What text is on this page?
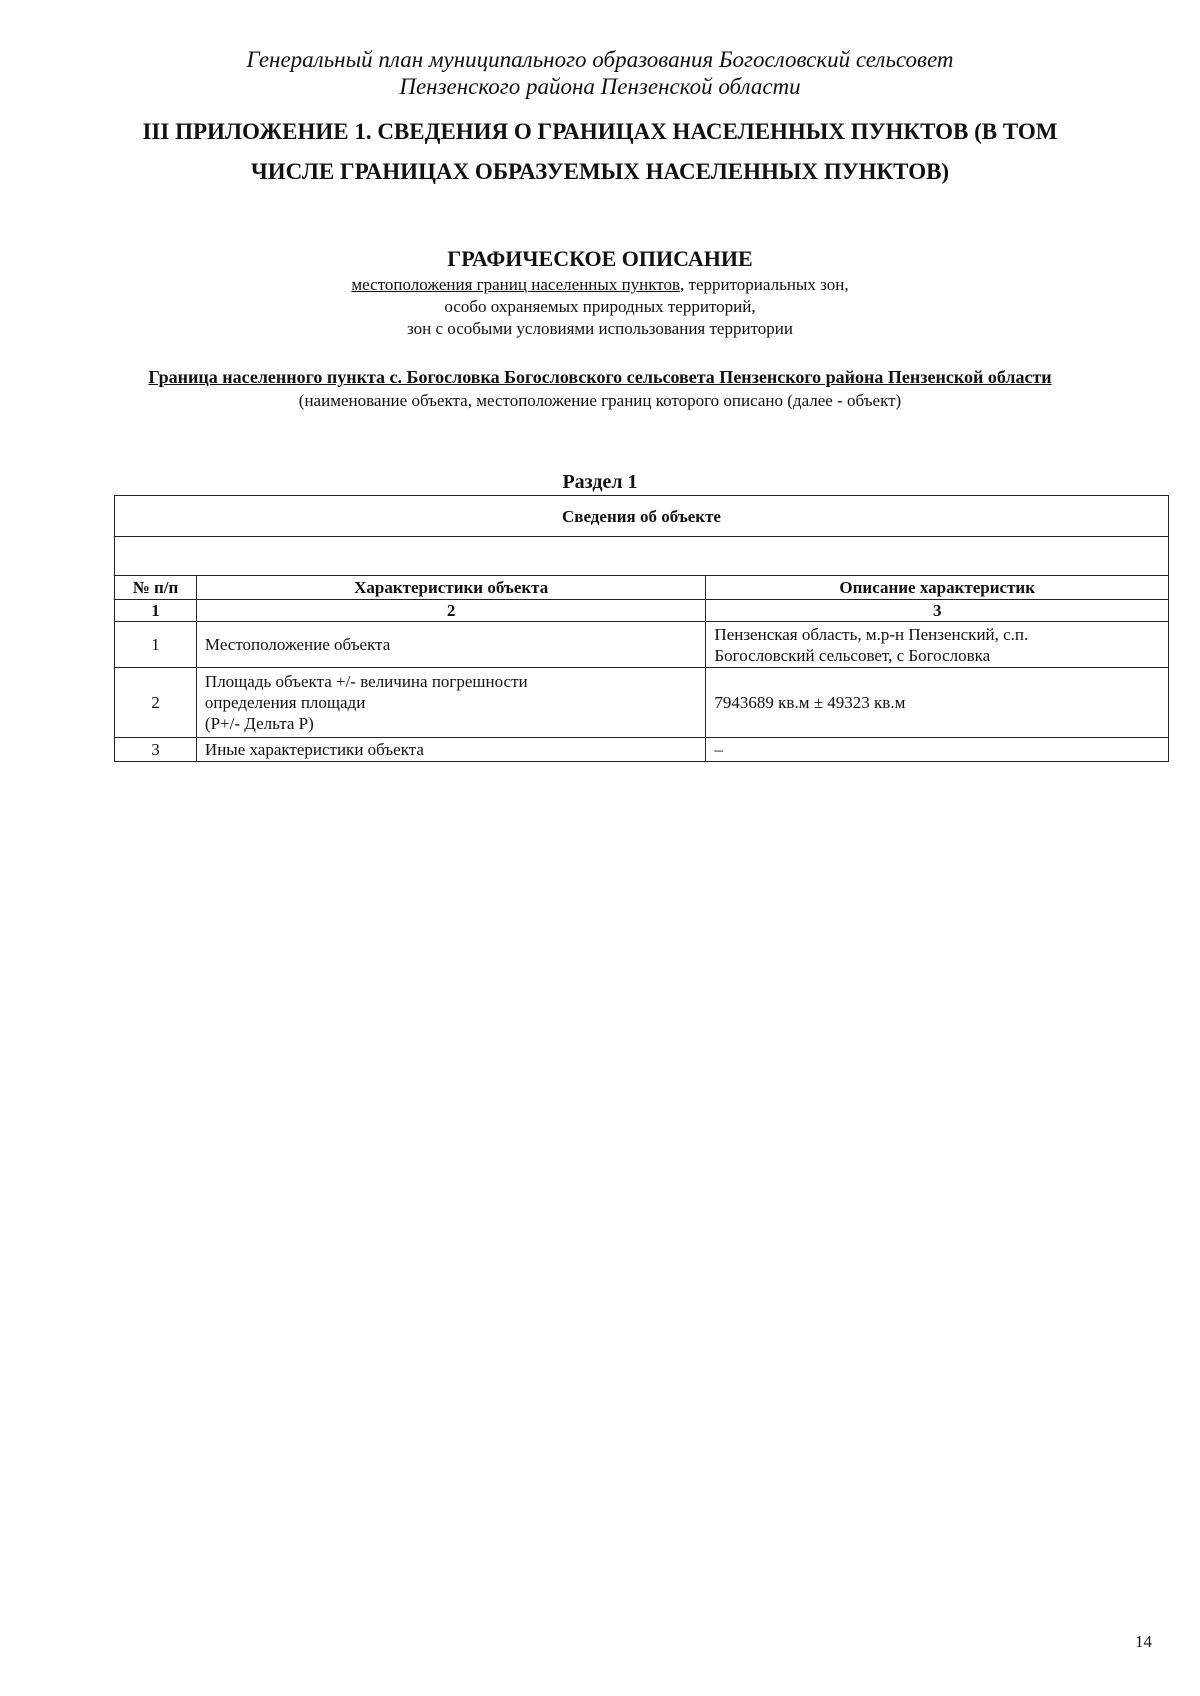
Генеральный план муниципального образования Богословский сельсовет
Пензенского района Пензенской области
III ПРИЛОЖЕНИЕ 1. СВЕДЕНИЯ О ГРАНИЦАХ НАСЕЛЕННЫХ ПУНКТОВ (В ТОМ ЧИСЛЕ ГРАНИЦАХ ОБРАЗУЕМЫХ НАСЕЛЕННЫХ ПУНКТОВ)
ГРАФИЧЕСКОЕ ОПИСАНИЕ
местоположения границ населенных пунктов, территориальных зон,
особо охраняемых природных территорий,
зон с особыми условиями использования территории
Граница населенного пункта с. Богословка Богословского сельсовета Пензенского района Пензенской области
(наименование объекта, местоположение границ которого описано (далее - объект)
Раздел 1
Сведения об объекте		

№ п/п	Характеристики объекта	Описание характеристик
1	2	3
1	Местоположение объекта	Пензенская область, м.р-н Пензенский, с.п.
Богословский сельсовет, с Богословка

2	Площадь объекта +/- величина погрешности
определения площади
(P+/- Дельта P)	7943689 кв.м ± 49323 кв.м
3	Иные характеристики объекта	–
14
